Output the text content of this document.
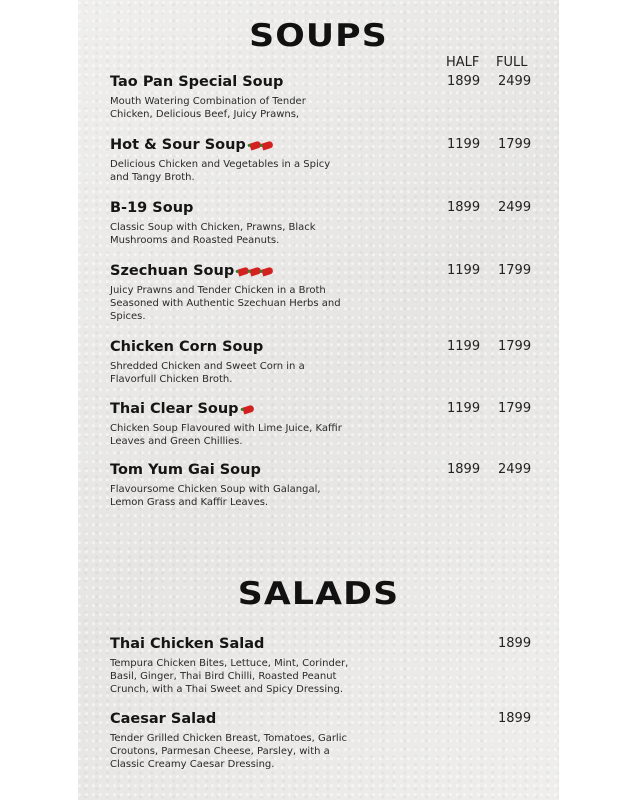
SOUPS
HALF FULL
Tao Pan Special Soup
Mouth Watering Combination of Tender Chicken, Delicious Beef, Juicy Prawns,
1899 2499
Hot & Sour Soup
Delicious Chicken and Vegetables in a Spicy and Tangy Broth.
1199 1799
B-19 Soup
Classic Soup with Chicken, Prawns, Black Mushrooms and Roasted Peanuts.
1899 2499
Szechuan Soup
Juicy Prawns and Tender Chicken in a Broth Seasoned with Authentic Szechuan Herbs and Spices.
1199 1799
Chicken Corn Soup
Shredded Chicken and Sweet Corn in a Flavorfull Chicken Broth.
1199 1799
Thai Clear Soup
Chicken Soup Flavoured with Lime Juice, Kaffir Leaves and Green Chillies.
1199 1799
Tom Yum Gai Soup
Flavoursome Chicken Soup with Galangal, Lemon Grass and Kaffir Leaves.
1899 2499
SALADS
Thai Chicken Salad
Tempura Chicken Bites, Lettuce, Mint, Corinder, Basil, Ginger, Thai Bird Chilli, Roasted Peanut Crunch, with a Thai Sweet and Spicy Dressing.
1899
Caesar Salad
Tender Grilled Chicken Breast, Tomatoes, Garlic Croutons, Parmesan Cheese, Parsley, with a Classic Creamy Caesar Dressing.
1899
